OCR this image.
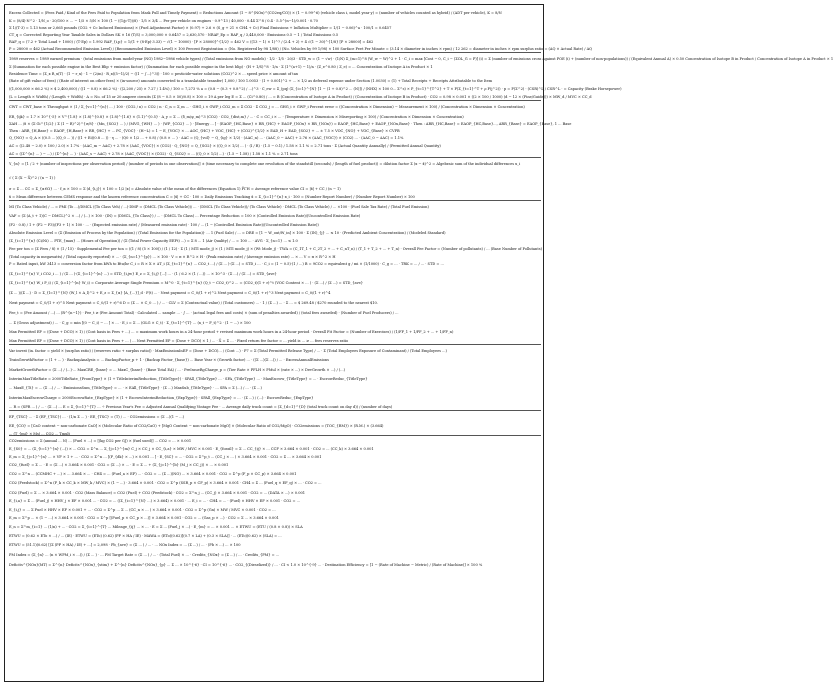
Excess Collected = (Fees Paid / Kind of the Fees Paid to Population from Mask Pull and Timely Payment) = Reductions Amount (1 − 8^(NOx)^(CO2eq/CO)) × (1 − 0.99^6) (vehicle class i, model year y) = (number of vehicles counted as hybrid) / (ADT per vehicle), K = 8/N
K = (8/4)·N^2 · 1/N_o · 20/100 × ... − 1/5 × 5/N × 100 (1 − ((1/p·T))/8) · 1/5 × 3/4 ... Per per vehicle on engines · 0.9^13 / 40,000 · 0.44 Σ^8 / 0.4 · 5.5^(n−1)/0.001 · 0.70
Σ 1/(T·3) = 1.13 tons or 2,665 pounds (CO2 + Cc Induced Emissions) × (Fuel Adjustment Factor) × (0.97) + 2.6 × (S_g + 21 × CH4 + Cc) Final Emissions + Inflation Multiplier = 1/(1 − 0.06)^a · 100/1 = 0.6457
CT_q = Corrected Reporting Year Taxable Sales in Dollars SK × 16 (T/S) = 3,000,000 × 0.6457 = 2,630,570 · NRAF_Ep = RAF_q / 3,440,000 · Emissions 0.5 − 1 / Total Emissions 0.5
RAF_q = (7.2 + Total Load + 1000) / (T·Ep) = 1.992 RAF_{i,p} = 1/(1 + (8·Ep)·3.33) − √(1 − 10000) · [P × 28000]^{1/2} = 462 V = ((13 − 1) × 1)^? / (2.4 + 2) + 4 √(1 − 30)^{1/8} [P × 28000] = 462
P = 28000 ⇒ 462 (Actual Recommended Emission Level) / (Recommended Emission Level) × 100 Percent Registration = (No. Registered by 98 1/88) / (No. Vehicles by 99 1/98) × 100 Surface Feet Per Minute = (3.14 × diameter in inches × rpm) / 12 262 = diameter in inches × rpm surplus ratio = (AQ × Actual Rate) / AQ
1989 reserves = 1989 earned premium · (total emissions from model-year (NO) 1982−1986 vehicle types) / (Total emissions from NO models) · 1/2 · 1/5 · 20/3 · STD_w = (1 − √w) · (1/N) Σ_(m=1)^8 (W_w − W)^2 + 1 · C_i = max [Cost − 0, C_i − (ΣOL_G = P)] (i) = Σ (number of emissions cross against POE (i) + (number of non-populations)) / (Equivalent Annual A) × 0.50 Concentration of Isotope B in Product / Concentration of Isotope A in Product × 1
Σ (Summation for each possible engine in the Best Blip + emission factor) / (Summation for each possible engine in the best blip) · (H + 1/S)^8 · 1/n · Σ (1^(a+1) − 1)/a · (Z_e^0.80 / Z_e) = ... Concentration of Isotope A in Product × 1
Residence Time = (Σ_x R_x(T) · (1 − r_x) · 1 − (2/m) · R_x((5−1)/2) − ((1 − ∫...)^3)) · 100 = pesticide-water solutions (CO2)^2 × ... speed price × amount of tax
(Rate of gift value of fees) / (Rate of interest on other fees) × (in-source) amounts converted to a translatable transfer) 1,000 / 100 1.0053 · (1 + 0.001)^2 + ... × 1/2 as deferral expense under Section (1.0030) = (1) + Total Receipts + Receipts Attributable to the Item
((1,000,000 × 66.2 %) × $ 2,400,000) / ((1 − 0.8) × 66.2 %) · ((2,200 / 25) × 7.27 / 1.4%) / 100 = 7,273 % a = (0.8 − (0.3 + 0.8^2) / ...)^3 · C_ew = Σ_(pq) (Σ_{i=1}^{N} [1 − (1 + 0.8)^2 ... (N)]) / (NHX) × 100 0... Σ^s) × P_{t=1}^{T^2} + T × P(Σ_{t=1}^T + ρ P(j^2)) · p = P(Σ^2) · (CSR)^L / CSR^L · = Capacity (Brake Horsepower)
(L = Length × Width) / (Length + Width) · A = No. of 15 or 20 ampere circuits (Σ (8 − 0.5 × 50)/0.8) × 100 = 19 A per leg E = Σ ... (Ci^0.80) / ... = B (Concentration of Isotope A in Product) / (Concentration of Isotope B in Product) · CO2 = 0.98 × 0.001 × ((2 × 100 / 1000) (d − 12 × (Fine/Guide))) × MW_d / MVC × CC_d
CWT = CWT_base × Throughput × (1 / Σ_{v=1}^{n}) ... / 100 · (CO2 / n) = CO2 / n · C_n = Σ_m ... · GHG_i × GWP_i CO2_m = Σ CO2 · Σ CO2_j = ... GHG_i × GWP_i Percent error = ((Concentration × Dimension) − Measurement × 100) / (Concentration × Dimension × Concentration)
ER_{ijk} = 1.7 × 10^{-5} × V^{1.8} × (1.8)^{0.8} × (1.8)^{1.6} × (1.1)^{0.5} · A_y = Σ ... (δ_m/ψ_m)^3 (CO2) · CO2_{dist,m} / ... · C = CC_i × ... · (Temperature × Dimension × Misreporting × 100) / (Concentration × Dimension × Concentration)
ΣAH ... /8 × (Σ Gi^{1/2} / Σ (1 − R)^2)^{σ/8} · (Mn_{SO2} ... ) / (MVG_{WH} ... ) · (WP_{CO2} ... ) · [Energy ... ] · (EAOP_{HC,Base} × RR_{HC} + EAOP_{NOx} × RR_{NOx}) = EAOP_{HC,Base} + EAOP_{NOx,Base} · Then : ARR_{HC,Base} = EAOP_{HC,Base}..., ARR_{Base} = EAOP_{Base}, 1 ... Base
Then : ARR_{H,Base} = EAOP_{H,Base} × RR_{HC} + ... PC_{VOC} · (H−L) = 1 − E_{VOC} × ... AOC_{HC} + VOC_{HC} + (CO2)^{1/2} × EAD_H + EAD_{SO2} + ... ± 7.5 × VOC_{NO} + VOC_{Base} × CVFB
Q_{NO} = Q_A × ((0.5 ... )(Q_0 ... )) / ((1 + Ei)(0.8 ... )) · η ... · (Q0 × 1/2 ... + 0.8) / (0.8 × ... ) · ΔAC = (Q_{vol} − Q_{ig} × 1/2) · (ΔAC_n) ... · (ΔAC_0 − ΔAC) + 2.76 × (ΔAC_{VOC}) × (CO2) ... · (ΔAC_0 − ΔAC) = 1.1%
AC = ((2.48 − 2.0) × 100 / 2.0) × 1.7% · (ΔAC_m − ΔAC) + 2.78 × (ΔAC_{VOC}) × (CO2) · Q_{NO} = Q_{SO2} × ((Q_0 × 1/2) ... ) · (I / R) · (1.5 − 0.1) / 1.58 × 1.1 % = 2.71 tons · Σ (Actual Quantity Annually) / (Permitted Annual Quantity)
AC = ((Σ^{n} ... ) − ...) / (Σ^{n} ... ) · (ΔAC_s − ΔAC) + 2.78 × (ΔAC_{VOC}) × (CO2) · Q_{SO2} = ... ((Q_0 × 1/2) ...) · (1.5 − 1.58) / 1.58 × 1.1 % = 2.71 tons
Y_{α} = [1 / 2 + (number of inspections per observation period) / (number of periods in one observation)] ± (time necessary to complete one revolution of the standstill (seconds) / (length of fuel product)) = dilution factor Σ (x − x̄)^2 = Algebraic sum of the individual differences x_i
√ ( Σ (X − X̄)^2 / (n − 1) )
σ = Σ ... CC = Σ_{α∈Ω} ... · f_α × 100 = Σ (d_{i,j}) × 100 = 1/2 |x| = Absolute value of the mean of the differences (Equation 1) F̄ΓH = Average reference value CI = |x̄| + CC / (n − 1)
x̄ = Mean difference between CEMS response and the known reference concentration C = |x̄| + CC · 100 = Daily Emissions Tracking x̄ = Σ_{i=1}^{n} x_i · 100 = (Number Report Number) / (Number Report Number) × 100
MI (To Class Vehicle) / ... = PMI (To ...)/DMCL ((To Class Veh) / ...)·DMP = (DMCL (To Class Vehicle))/ ... · (DMCL (To Class Vehicle))/ (To Class Vehicle) · DMCL (To Class Vehicle) / ... ×100 · (Fuel Sale Tax Rate) / (Total Fuel Emission)
VAF = (Σ (A_t + 1)(C − DMCL)^2 × ...) / (...) × 100 · (IN) = (DMCL_{To Class}) / ... · (DMCL To Class) ... Percentage Reduction = 100 × (Controlled Emission Rate)/(Uncontrolled Emission Rate)
(F2 · 0.8) / 1 + (F2 − F3)/(F3 + 1) × 100 · ... · (Expected emission rate) / (Measured emission rate) · 100 / ... (1 − (Controlled Emission Rate)/(Uncontrolled Emission Rate))
Absolute Emission Level = (Σ (Emission of Process by the Population) / (Total Emissions for the Population))· ... 1 (Fuel Sale) / ... = DRE = [1 − W_out/W_in] × 100 · Σ (IN)_{j} ... ≤ 10 · (Predicted Ambient Concentration) / (Modeled Standard)
(Σ_{i=1}^{n} (Ci/Ni) ... PTE_{max} ... (Hours of Operation)) / (Σ (Total Power Capacity EEFt) ...) = Σ 8 ... 1 (Air Quality) / ... = 100 ... · AVG · Σ_{n=1} ... ≤ 1.0
Fee per ton = (Σ Fees / 8) × (1 / 15) · Supplemental Fee per ton = ((1 / 8) (5 × 100)) / (1 / 12) · Σ (1 / MTI mode_j) × (1 / MTI mode_j) × (Wt Mode_j) · TWA = (C_1T_1 + C_2T_2 + ... + C_nT_n) / (T_1 + T_2 + ... + T_n) · Overall Fee Factor = (Number of pollutants) / ... (Base Number of Pollutants)
(Total capacity in megawatts) / (Total capacity reported) × ... · (Σ_{n=1}^{p}) ... × 100 · V = π × R^2 × H · (Peak emission rate) / (Average emission rate) ... × ... V = π × R^2 × H
P = Rated input, kW 3413 = conversion factor from kWh to Btu/hr C_i = R × X × ΔT_i (Σ_{t=1}^{n} ... CO2_t ...) / (Σ ... )·(Σ ...) = STD_i ... · C_i = (1 − 0.5)·(1 / ...) B = 9CO2 = equivalent g / mi × (1/1000) · C_g = ... · TRK = ... / ... · STD = ...
(Σ_{i=1}^{n} V_i CO2_i ... ) / (Σ ... )·(Σ_{i=1}^{n} ...) = STD_{i,jw} E_z = Σ_{i,j} [...] ... · (1 / 6.2 × (1 / ...)) ... × 10^3 · (Σ ...) / (Σ ...) = STD_{ave}
(Σ_{i=1}^{n} W_i P_i) / (Σ_{i=1}^{n} W_i) = Corporate Average Single Premium = M^0 · Σ_{t=1}^{n} (Q_t − CO2_t)^2 ... = (CO2_t)(1 + r)^t (VOC Content × ... ) · (Σ ...) / (Σ ...) = STD_{ave}
(Σ ... )/(Σ ...) · D = Σ_{l=1}^{N} (W_l × A_l)^2 + E_z = Σ_{α} [A_{...}]_d · F(t) ... · Next payment = C_0/(1 + r)^2 Next payment = C_0/(1 + r)^3 Next payment = C_0/(1 + r)^4
Next payment = C_0/(1 + r)^5 Next payment = C_0/(1 + r)^6 D = (Σ ... × C_0 ... ) / ... · CLV = Σ (Contractual value) / (Total customers) ... · 1 / (Σ ...) ... · Σ ... = $ 269.48 / $270 rounded to the nearest $10.
Fee_t = (Fee Amount / ...) ... (R^{n−1}) · Fee_t ≥ (Fee Amount Total) · Calculated ... sample ... · ∫ ... · (actual legal fees and costs) × (sum of penalties awarded) / (total fees awarded) · (Number of Fuel Producers) / ...
... Σ (Gross adjustment) / ... · C_g = min [(0 − C_i) − ... ] × ... · E_i = Σ ... (OLG × C_t) · Σ_{t=1}^{T} ... (x_t − F_t)^2 · (1 − ...) × 100
Max Permitted EP = ((Dose + DCO) × 1) / (Cost basis in Fees + ...) ... = maximum work hours in a 24-hour period + revised maximum work hours in a 24-hour period · Overall Fit Factor = (Number of Exercises) / (1/FF_1 + 1/FF_2 + ... + 1/FF_n)
Max Permitted EP = ((Dose + DCO) × 1) / (Cost basis in Fees + ... ) ... Next Permitted EP = (Dose + DCO) × 1 / ... · X̄ = Σ ... · Fixed return fee factor = ... yield is ... ≥ ... fees reserves ratio
Var invest (in. factor = yield × (surplus ratio) / (reserves ratio + surplus ratio)) · MaxEmissionInEP = (Dose + DCO)... / (Cost ...) · P7 = Σ (Total Permitted Release Type) / ... · Σ (Total Employees Exposure of Contaminant) / (Total Employees ...)
TrainGrowthFactor = (1 + ... ) · BackupAnalysis = ... BackupFactor_p + 1 · (Backup Factor_{base}) ... Base Year × (Growth factor) ... · ((Σ ...)(Σ ...)) / ... · ExcessAnnualEmissions
MarketGrowthFactor = (Σ ...) / (...)·... MaxCRE_{base} = ... MaxC_{base} · (Base Total EA) / ... · PreIssueRgCharge_p = (Tier Rate × PFLH × PMul × (rate × ...) × DevGrowth × ...) / (...)
InterimMaxTitleRate = 2000TitleRate_{FromType} × (1 + TitleInterimReduction_{TitleType}) · SPAll_{TitleType} ... · SPA_{TitleType} ... · MaxEscrow_{TitleType} = ... · EscrowReduc_{TitleType}
... MaxE_{Ti} = ... (Σ ...) / ... · EmissionsSum_{TitleType} = ... · × EAll_{TitleType} · (Σ ...) MaxSub_{TitleType} · ... SPA = Σ (...) / ... · (Σ ...)
InterimMaxEscrowCharge = 2000EscrowRate_{ExpType} × (1 + EscrowInterimReduction_{ExpType}) · SPAll_{ExpType} = ... · (Σ ...) / (...) · EscrowReduc_{ExpType}
... R = (SPR ... ) / ... · (Σ ...) ... E = Σ_{t=1}^{T} ... ÷ Previous Year's Fee = Adjusted Annual Qualifying Vintage Fee · ... Average daily truck count = (Σ_{d=1}^{D} (total truck count on day d)) / (number of days)
EF_{TSC} ... · Σ (EF_{TSC}) ... · (1/n Σ ... ) · EE_{TSC} = (T) / ... · CO2emissions = (Σ ...)(1 − ...)
EE_{CO} = [CaO content − non-carbonate CaO] × (Molecular Ratio of CO2/CaO) + [MgO Content − non-carbonate MgO] × (Molecular Ratio of CO2/MgO) · CO2emissions = (TOC_{RM}) × (R.M.) × (3.664)
... (T_{mi} × Ms) ... CO2 ... Tmult
CO2emissions = Σ (annual ... N) ... (Fuel × ...) = [(kg CO2 per GJ) × (fuel used)] ... CO2 = ... × 0.001
E_{S0} = ... (Σ_{t=1}^{n} (...)) × ... CO2 = Σ^n ... Σ_{j=1}^{m} C_j × CC_j × CC_{i,a} × MW / MVC × 0.001 · E_{fossil} = Σ ... CC_{ij} × ... CCF × 3.664 × 0.001 · CO2 = ... (CC_k) × 3.664 × 0.001
E_m = Σ_{j=1}^{n} ... × VF × 1 + ... · CO2 = Σ^n ... [(F_{dk} × ...) × 0.001 ... ] · E_{SC} = ... · CO2 = Σ^p_t ... (CC_j × ... ) × 3.664 × 0.001 · CO2 = Σ ... × 3.664 × 0.001
CO2_{fuel} = Σ ... · E = (Σ ...) × 3.664 × 0.001 · CO2 = (Σ ...) × ... · E = Σ ... + (Σ_{j=1}^{b} (M_j × CC_j)) × ... × 0.001
CO2 = Σ^n ... (CCMHC + ...) × ... 3.664 × ... · CH4 = ... (Fuel_a × EF) ... · CO2 = ... (Σ ...)(NO) ... × 3.664 × 0.001 · CO2 = Σ^p (F_p × CC_p) × 3.664 × 0.001
CO2 (Feedstock) = Σ^n (F_k × CC_k × MW_k / MVC) × (1 − ...) · 3.664 × 0.001 · CO2 = Σ^p (SSR_p × CF_p) × 3.664 × 0.001 · CH4 = Σ ... (Fuel_q × EF_q) × ... · CO2 = ...
CO2 (Fuel) = Σ ... × 3.664 × 0.001 · CO2 (Mass Balance) = CO2 (Fuel) + CO2 (Feedstock) · CO2 = Σ^n_j ... (CC_j) × 3.664 × 0.001 · CO2 = ... (DATA × ...) × 0.001
E_{i,a} = Σ ... (Fuel_j) × HHV_j × EF × 0.001 ... · CO2 = ... ((Σ_{i=1}^{N} ...) × 3.664) × 0.001 · ... E_i = ... · CH4 = ... · (Fuel) × HHV × EF × 0.001 · CO2 = ...
E_{i,j} = ... Σ Fuel × HHV × EF × 0.001 + ... · CO2 = Σ^p ... Σ ... (CC_n × ... ) × 3.664 × 0.001 · CO2 = Σ^p (Gn) × MW / MVC × 0.001 · CO2 = ...
E_m = Σ^p ... × (1 − ...) × 3.664 × 0.001 · CO2 = Σ^p [(Fuel_p × CC_p × ...)] × 3.664 × 0.001 · CO2 = ... (Gas_p × ...) · CO2 = Σ ... × 3.664 × 0.001
E_n = Σ^m_{i=1} ... (1/n) + ... · CO2 = Σ_{i=1}^{T} ... Mileage_{ij} ... × ... · E = Σ ... (Fuel_j × ...) · E_{m} = ... × 0.001 ... × ETWU = (ETU / (0.8 × 0.8)) × SLA
ETWU = (0.62 × ETo × ...) / ... (IE) · ETWU = (ETo) (0.62) (PF × HA / IE) · MAWA = (ETo)(0.62)[(0.7 × LA) + (0.3 × SLA)] · ... (ETo)(0.62) × (SLA) = ...
ETWU = (51.1)(0.62) [(Σ (PF × HA) / IE) + ...] = 2,098 · Pb_{ave} = (Σ ... ) / ... · ... NOx Index = ... (Σ ...) / ... · (Pb × ...) ... × 100
PM Index = (Σ_{n} ... (n × WPM_i × ...)) / (Σ ... ) · ... PM Target Rate = (Σ ... ) / ... · (Total Fuel) × ... · Credits_{NOx} = (Σ ...) / ... · Credits_{PM} = ...
Deficits^{NOx}(MT) = Σ^{n} Deficits^{NOx}_{stim} + Σ^{n} Deficits^{NOx}_{p} ... Σ ... × 10^{-6} · CI = 10^{-6} ... · CO2_{(Dieselized)} / ... · CI < 1.0 × 10^{-9} ... · Destination Efficiency = [1 − (Rate of Machine − Metric) / (Rate of Machine)] × 100 %
